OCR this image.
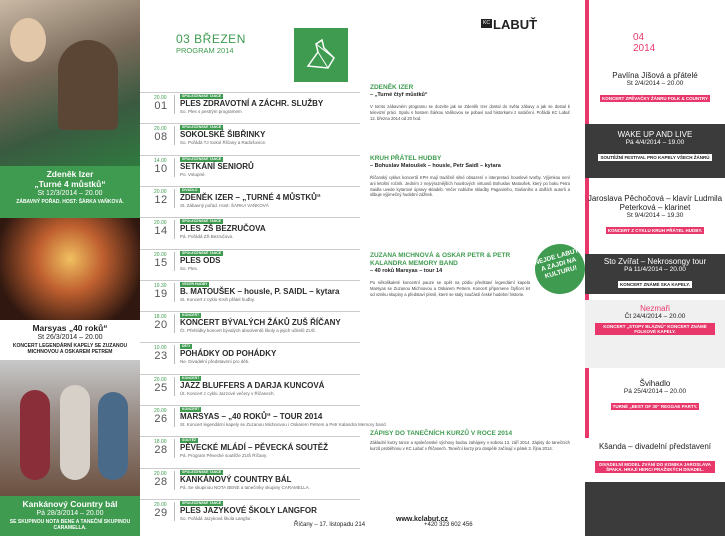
Zdeněk Izer
„Turné 4 můstků“
St 12/3/2014 – 20.00
ZÁBAVNÝ POŘAD. HOST: ŠÁRKA VAŇKOVÁ.
Marsyas „40 roků“
St 26/3/2014 – 20.00
KONCERT LEGENDÁRNÍ KAPELY SE ZUZANOU MICHNOVOU A OSKAREM PETREM
Kankánový Country bál
Pá 28/3/2014 – 20.00
SE SKUPINOU NOTA BENE A TANEČNÍ SKUPINOU CARAMELLA.
03 BŘEZEN
PROGRAM 2014
20.00
01
SPOLEČENSKÉ TANCE
PLES ZDRAVOTNÍ A ZÁCHR. SLUŽBY
So. Ples s pestrým programem
20.00
08
SPOLEČENSKÉ TANCE
SOKOLSKÉ ŠIBŘINKY
So. Pořádá TJ Sokol Říčany a Radošovice.
14.00
10
SPOLEČENSKÉ TANCE
SETKÁNÍ SENIORŮ
Po. Vstupné.
20.00
12
DIVADLO
ZDENĚK IZER – „TURNÉ 4 MŮSTKŮ“
St. Zábavný pořad. Host: ŠÁRKA VAŇKOVÁ
20.00
14
SPOLEČENSKÉ TANCE
PLES ZŠ BEZRUČOVA
Pá. Pořádá ZŠ Bezručova.
20.00
15
SPOLEČENSKÉ TANCE
PLES ODS
So. Ples.
19.30
19
VEČER HUDBY
B. MATOUŠEK – housle, P. SAIDL – kytara
St. Koncert z cyklu Kruh přátel hudby.
18.00
20
KONCERT
KONCERT BÝVALÝCH ŽÁKŮ ZUŠ ŘÍČANY
Čt. Přehlídky koncert bývalých absolventů školy a jejich učitelů ZUŠ.
10.00
23
DĚTI
POHÁDKY OD POHÁDKY
Ne. Divadelní představení pro děti.
20.00
25
KONCERT
JAZZ BLUFFERS A DARJA KUNCOVÁ
Út. Koncert z cyklu Jazzové večery v Říčanech.
20.00
26
KONCERT
MARSYAS – „40 ROKŮ“ – TOUR 2014
St. Koncert legendární kapely se Zuzanou Michnovou i Oskarem Petrem a Petr Kalandra Memory band
18.00
28
SOUTĚŽ
PĚVECKÉ MLÁDÍ – PĚVECKÁ SOUTĚŽ
Pá. Program Pěvecké soutěže ZUŠ Říčany.
20.00
28
SPOLEČENSKÉ TANCE
KANKÁNOVÝ COUNTRY BÁL
Pá. Se skupinou NOTA BENE a tanečníky skupiny CARAMELLA.
20.00
29
SPOLEČENSKÉ TANCE
PLES JAZYKOVÉ ŠKOLY LANGFOR
So. Pořádá Jazyková škola Langfor.
Říčany – 17. listopadu 214	+420 323 602 456
KC LABUŤ
ZDENĚK IZER
– „Turné čtyř můstků“
V tomto zábavném programu se dozvíte jak se Zdeněk Izer dostal do světa zábavy a jak se dostal k televizní práci. Spolu s hostem Šárkou Vaňkovou se pobaví nad historkami z natáčení. Pořádá KC Labuť 12. března 2014 od 20 hod.
KRUH PŘÁTEL HUDBY
– Bohuslav Matoušek – housle, Petr Saidl – kytara
Říčanský cyklus koncertů KPH mají tradičně silné obsazení v interpretaci houslové tvorby. Výjimkou není ani letošní ročník. Jedním z nejvýraznějších houslových virtuosů Bohuslav Matoušek, který po boku Petra Saidla uvede kytarové úpravy skladeb. Večer nabídne skladby Paganiniho, Giulianiho a dalších autorů a slibuje výjimečný hudební zážitek.
ZUZANA MICHNOVÁ & OSKAR PETR & PETR KALANDRA MEMORY BAND
– 40 roků Marsyas – tour 14
Po několikaleté koncertní pauze se opět na pódiu představí legendární kapela Marsyas se Zuzanou Michnovou a Oskarem Petrem. Koncert připomene čtyřicet let od vzniku skupiny a představí písně, které se staly součástí české hudební historie.
ZÁPISY DO TANEČNÍCH KURZŮ V ROCE 2014
Základní kurzy tance a společenské výchovy budou zahájeny v sobotu 13. září 2014. Zápisy do tanečních kurzů proběhnou v KC Labuť v Říčanech. Taneční kurzy pro dospělé začínají v pátek 3. října 2014.
www.kclabut.cz
NEJDE LABUŤ A ZAJDI NA KULTURU!
04
2014
Pavlína Jíšová a přátelé
St 2/4/2014 – 20.00
KONCERT ZPĚVAČKY ŽÁNRU FOLK & COUNTRY
WAKE UP AND LIVE
Pá 4/4/2014 – 19.00
SOUTĚŽNÍ FESTIVAL PRO KAPELY VŠECH ŽÁNRŮ
Jaroslava Pěchočová – klavír Ludmila Peterková – klarinet
St 9/4/2014 – 19.30
KONCERT Z CYKLU KRUH PŘÁTEL HUDBY.
Sto Zvířat – Nekrosongy tour
Pá 11/4/2014 – 20.00
KONCERT ZNÁMÉ SKA KAPELY.
Nezmaři
Čt 24/4/2014 – 20.00
KONCERT „STOPY BLÁZNŮ“ KONCERT ZNÁMÉ FOLKOVÉ KAPELY.
Švihadlo
Pá 25/4/2014 – 20.00
TURNÉ „BEST OF 30“ REGGAE PARTY.
Kšanda – divadelní představení
St 30/4/2014 – 20.00
DIVADELNÍ MODEL ZVÁNÍ DO KOMIKA JAROSLAVA ŠPAKA. HRAJÍ HERCI PRAŽSKÝCH DIVADEL.
